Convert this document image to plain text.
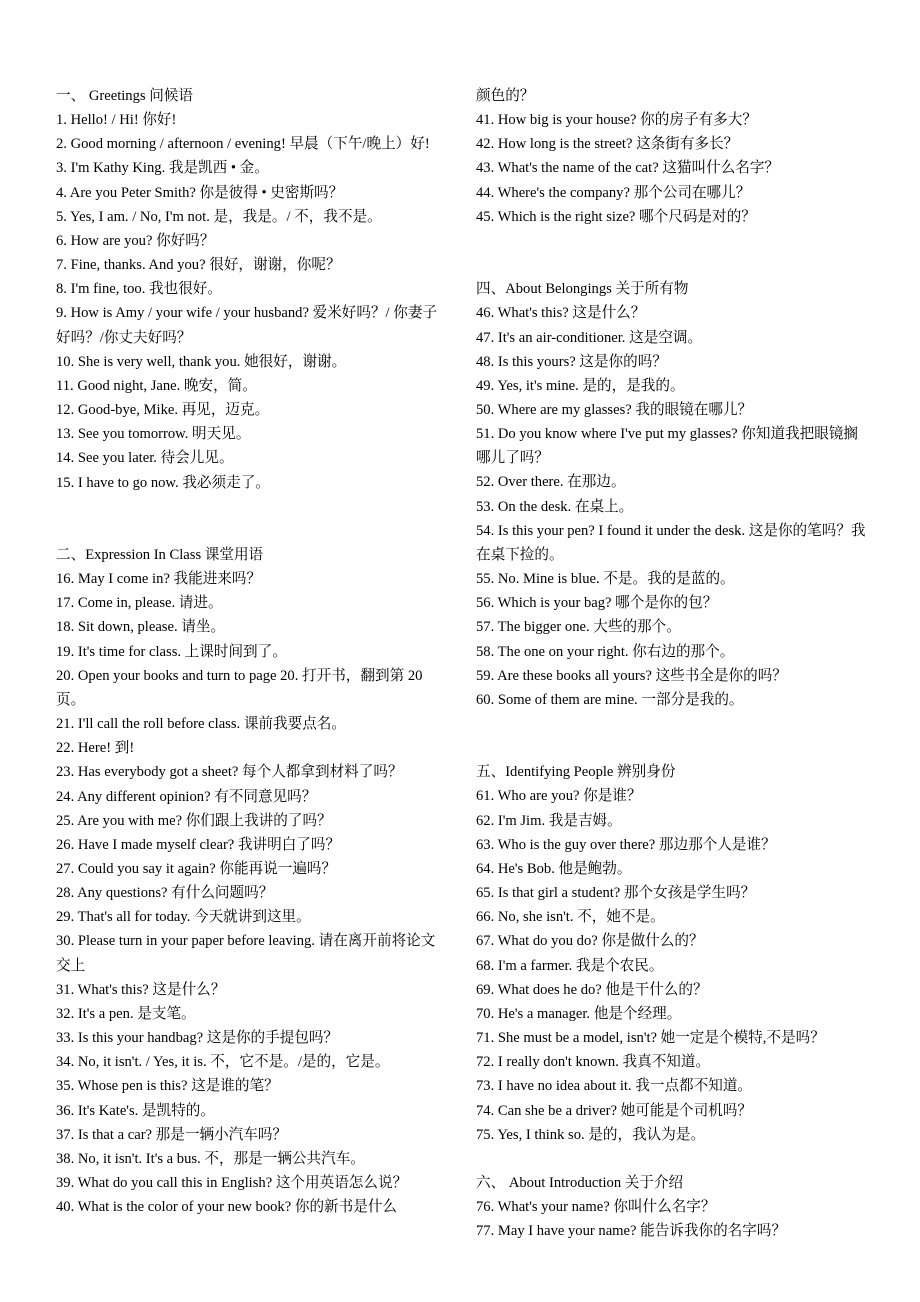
一、 Greetings 问候语
1. Hello! / Hi! 你好!
2. Good morning / afternoon / evening! 早晨（下午/晚上）好!
3. I'm Kathy King. 我是凯西 • 金。
4. Are you Peter Smith? 你是彼得 • 史密斯吗？
5. Yes, I am. / No, I'm not. 是，我是。/ 不，我不是。
6. How are you? 你好吗？
7. Fine, thanks. And you? 很好，谢谢，你呢？
8. I'm fine, too. 我也很好。
9. How is Amy / your wife / your husband? 爱米好吗？/ 你妻子好吗？/你丈夫好吗？
10. She is very well, thank you. 她很好，谢谢。
11. Good night, Jane. 晚安，简。
12. Good-bye, Mike. 再见，迈克。
13. See you tomorrow. 明天见。
14. See you later. 待会儿见。
15. I have to go now. 我必须走了。
二、Expression In Class 课堂用语
16. May I come in? 我能进来吗？
17. Come in, please. 请进。
18. Sit down, please. 请坐。
19. It's time for class. 上课时间到了。
20. Open your books and turn to page 20. 打开书，翻到第 20 页。
21. I'll call the roll before class. 课前我要点名。
22. Here! 到!
23. Has everybody got a sheet? 每个人都拿到材料了吗？
24. Any different opinion? 有不同意见吗？
25. Are you with me? 你们跟上我讲的了吗？
26. Have I made myself clear? 我讲明白了吗？
27. Could you say it again? 你能再说一遍吗？
28. Any questions? 有什么问题吗？
29. That's all for today. 今天就讲到这里。
30. Please turn in your paper before leaving. 请在离开前将论文交上
31. What's this? 这是什么？
32. It's a pen. 是支笔。
33. Is this your handbag? 这是你的手提包吗？
34. No, it isn't. / Yes, it is. 不，它不是。/是的，它是。
35. Whose pen is this? 这是谁的笔？
36. It's Kate's. 是凯特的。
37. Is that a car? 那是一辆小汽车吗？
38. No, it isn't. It's a bus. 不，那是一辆公共汽车。
39. What do you call this in English? 这个用英语怎么说？
40. What is the color of your new book? 你的新书是什么
颜色的？
41. How big is your house? 你的房子有多大？
42. How long is the street? 这条街有多长？
43. What's the name of the cat? 这猫叫什么名字？
44. Where's the company? 那个公司在哪儿？
45. Which is the right size? 哪个尺码是对的？
四、About Belongings 关于所有物
46. What's this? 这是什么？
47. It's an air-conditioner. 这是空调。
48. Is this yours? 这是你的吗？
49. Yes, it's mine. 是的，是我的。
50. Where are my glasses? 我的眼镜在哪儿？
51. Do you know where I've put my glasses? 你知道我把眼镜搁哪儿了吗？
52. Over there. 在那边。
53. On the desk. 在桌上。
54. Is this your pen? I found it under the desk. 这是你的笔吗？我在桌下捡的。
55. No. Mine is blue. 不是。我的是蓝的。
56. Which is your bag? 哪个是你的包？
57. The bigger one. 大些的那个。
58. The one on your right. 你右边的那个。
59. Are these books all yours? 这些书全是你的吗？
60. Some of them are mine. 一部分是我的。
五、Identifying People 辨别身份
61. Who are you? 你是谁？
62. I'm Jim. 我是吉姆。
63. Who is the guy over there? 那边那个人是谁？
64. He's Bob. 他是鲍勃。
65. Is that girl a student? 那个女孩是学生吗？
66. No, she isn't. 不，她不是。
67. What do you do? 你是做什么的？
68. I'm a farmer. 我是个农民。
69. What does he do? 他是干什么的？
70. He's a manager. 他是个经理。
71. She must be a model, isn't? 她一定是个模特,不是吗？
72. I really don't known. 我真不知道。
73. I have no idea about it. 我一点都不知道。
74. Can she be a driver? 她可能是个司机吗？
75. Yes, I think so. 是的，我认为是。
六、 About Introduction 关于介绍
76. What's your name? 你叫什么名字？
77. May I have your name? 能告诉我你的名字吗？
